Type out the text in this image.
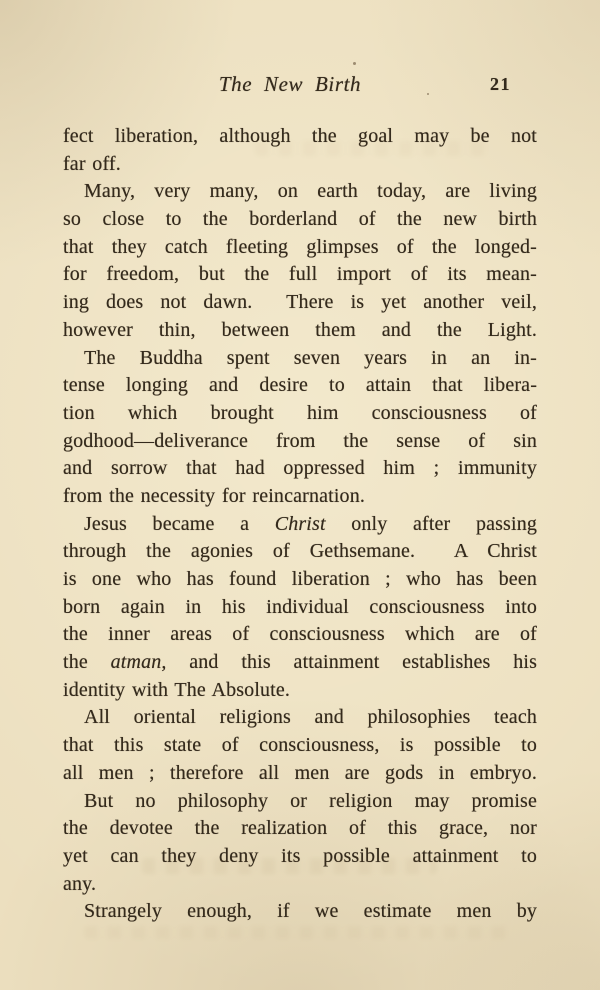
The New Birth	21
fect liberation, although the goal may be not
far off.
Many, very many, on earth today, are living
so close to the borderland of the new birth
that they catch fleeting glimpses of the longed-
for freedom, but the full import of its mean-
ing does not dawn.  There is yet another veil,
however thin, between them and the Light.
The Buddha spent seven years in an in-
tense longing and desire to attain that libera-
tion which brought him consciousness of
godhood—deliverance from the sense of sin
and sorrow that had oppressed him ; immunity
from the necessity for reincarnation.
Jesus became a Christ only after passing
through the agonies of Gethsemane.  A Christ
is one who has found liberation ; who has been
born again in his individual consciousness into
the inner areas of consciousness which are of
the atman, and this attainment establishes his
identity with The Absolute.
All oriental religions and philosophies teach
that this state of consciousness, is possible to
all men ; therefore all men are gods in embryo.
But no philosophy or religion may promise
the devotee the realization of this grace, nor
yet can they deny its possible attainment to
any.
Strangely enough, if we estimate men by
